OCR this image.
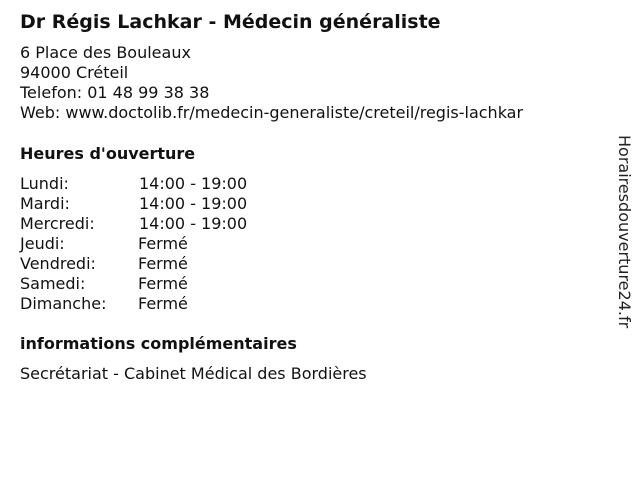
Dr Régis Lachkar - Médecin généraliste
6 Place des Bouleaux
94000 Créteil
Telefon: 01 48 99 38 38
Web: www.doctolib.fr/medecin-generaliste/creteil/regis-lachkar
Heures d'ouverture
Lundi:	14:00 - 19:00
Mardi:	14:00 - 19:00
Mercredi:	14:00 - 19:00
Jeudi:	Fermé
Vendredi:	Fermé
Samedi:	Fermé
Dimanche: Fermé
informations complémentaires
Secrétariat - Cabinet Médical des Bordières
Horairesdouverture24.fr
